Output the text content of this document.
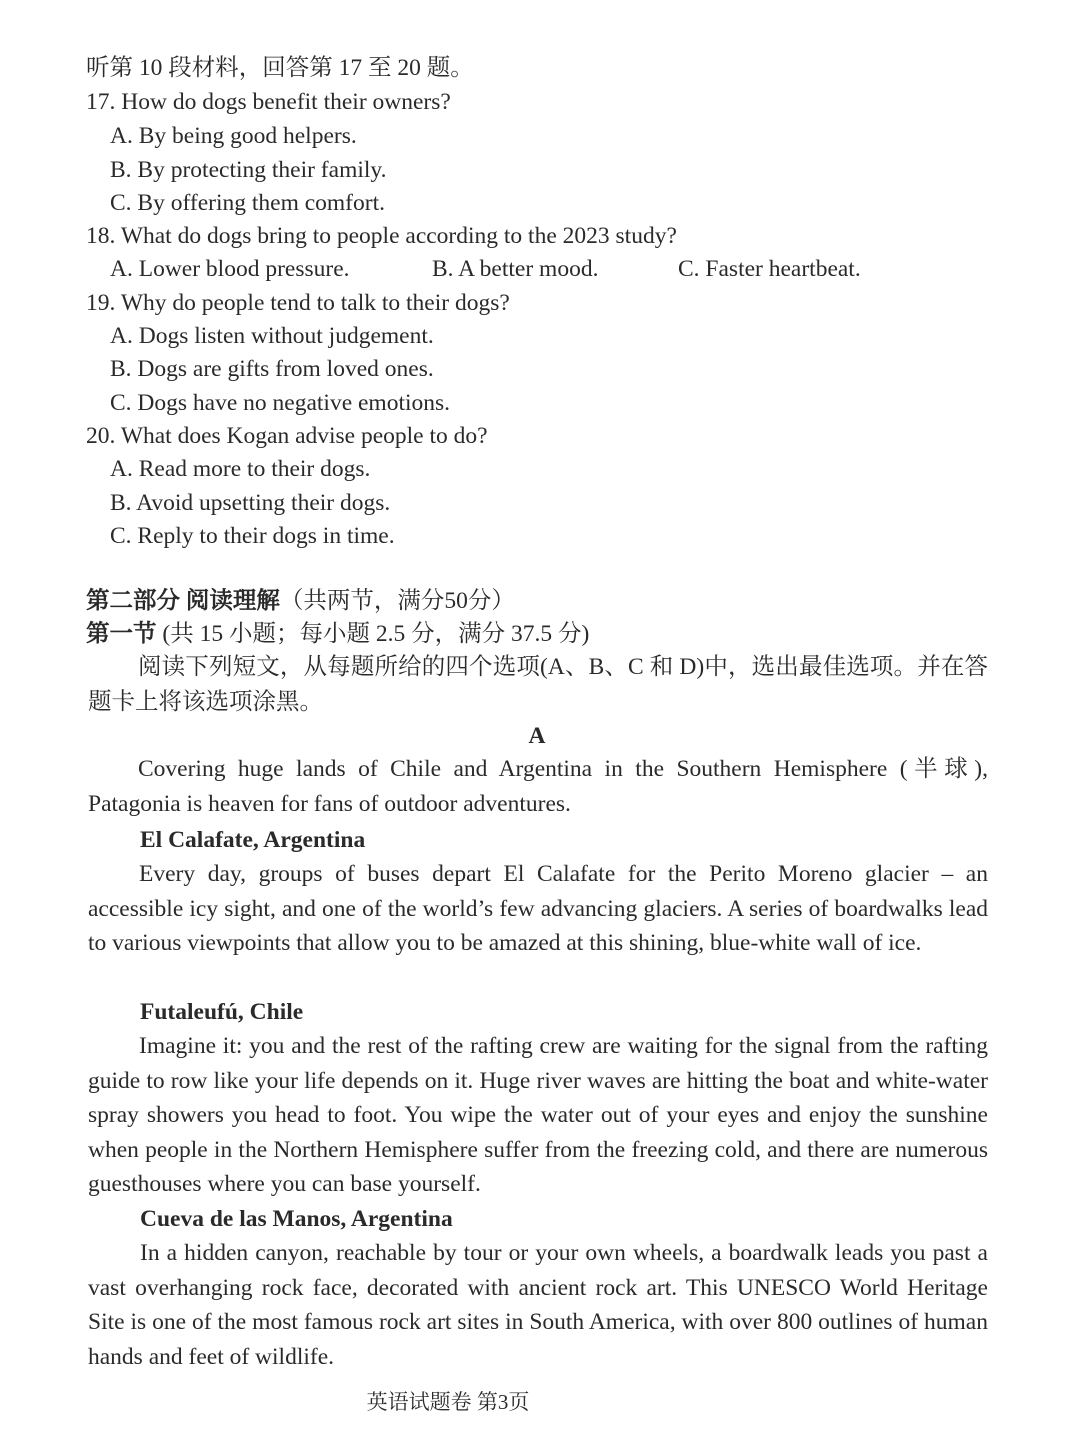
听第 10 段材料，回答第 17 至 20 题。
17. How do dogs benefit their owners?
A. By being good helpers.
B. By protecting their family.
C. By offering them comfort.
18. What do dogs bring to people according to the 2023 study?
A. Lower blood pressure.	B. A better mood.	C. Faster heartbeat.
19. Why do people tend to talk to their dogs?
A. Dogs listen without judgement.
B. Dogs are gifts from loved ones.
C. Dogs have no negative emotions.
20. What does Kogan advise people to do?
A. Read more to their dogs.
B. Avoid upsetting their dogs.
C. Reply to their dogs in time.
第二部分 阅读理解（共两节，满分50分）
第一节 (共 15 小题；每小题 2.5 分，满分 37.5 分)
阅读下列短文，从每题所给的四个选项(A、B、C 和 D)中，选出最佳选项。并在答题卡上将该选项涂黑。
A
Covering huge lands of Chile and Argentina in the Southern Hemisphere (半球), Patagonia is heaven for fans of outdoor adventures.
El Calafate, Argentina
Every day, groups of buses depart El Calafate for the Perito Moreno glacier – an accessible icy sight, and one of the world’s few advancing glaciers. A series of boardwalks lead to various viewpoints that allow you to be amazed at this shining, blue-white wall of ice.
Futaleufú, Chile
Imagine it: you and the rest of the rafting crew are waiting for the signal from the rafting guide to row like your life depends on it. Huge river waves are hitting the boat and white-water spray showers you head to foot. You wipe the water out of your eyes and enjoy the sunshine when people in the Northern Hemisphere suffer from the freezing cold, and there are numerous guesthouses where you can base yourself.
Cueva de las Manos, Argentina
In a hidden canyon, reachable by tour or your own wheels, a boardwalk leads you past a vast overhanging rock face, decorated with ancient rock art. This UNESCO World Heritage Site is one of the most famous rock art sites in South America, with over 800 outlines of human hands and feet of wildlife.
英语试题卷 第3页
